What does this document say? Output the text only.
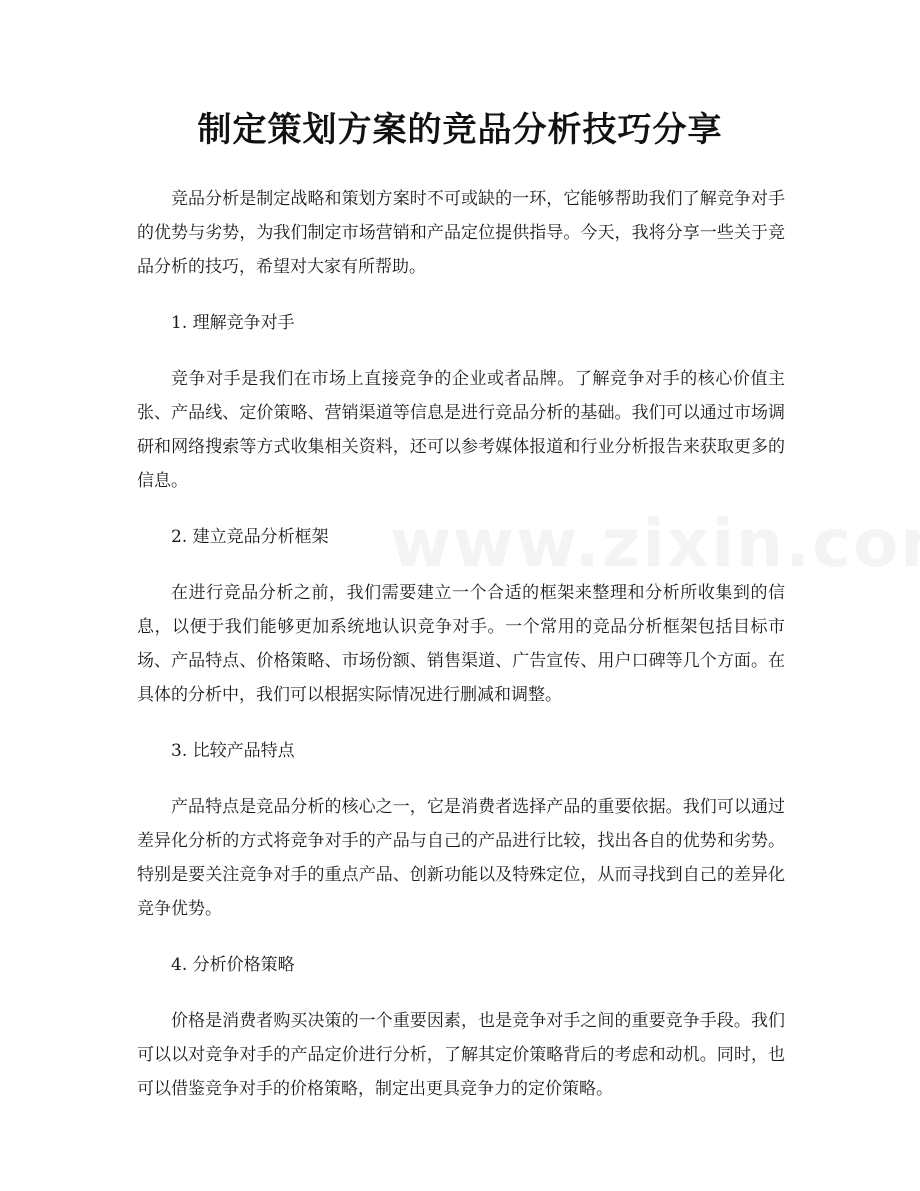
制定策划方案的竞品分析技巧分享

竞品分析是制定战略和策划方案时不可或缺的一环，它能够帮助我们了解竞争对手的优势与劣势，为我们制定市场营销和产品定位提供指导。今天，我将分享一些关于竞品分析的技巧，希望对大家有所帮助。

1. 理解竞争对手

竞争对手是我们在市场上直接竞争的企业或者品牌。了解竞争对手的核心价值主张、产品线、定价策略、营销渠道等信息是进行竞品分析的基础。我们可以通过市场调研和网络搜索等方式收集相关资料，还可以参考媒体报道和行业分析报告来获取更多的信息。

2. 建立竞品分析框架

在进行竞品分析之前，我们需要建立一个合适的框架来整理和分析所收集到的信息，以便于我们能够更加系统地认识竞争对手。一个常用的竞品分析框架包括目标市场、产品特点、价格策略、市场份额、销售渠道、广告宣传、用户口碑等几个方面。在具体的分析中，我们可以根据实际情况进行删减和调整。

3. 比较产品特点

产品特点是竞品分析的核心之一，它是消费者选择产品的重要依据。我们可以通过差异化分析的方式将竞争对手的产品与自己的产品进行比较，找出各自的优势和劣势。特别是要关注竞争对手的重点产品、创新功能以及特殊定位，从而寻找到自己的差异化竞争优势。

4. 分析价格策略

价格是消费者购买决策的一个重要因素，也是竞争对手之间的重要竞争手段。我们可以以对竞争对手的产品定价进行分析，了解其定价策略背后的考虑和动机。同时，也可以借鉴竞争对手的价格策略，制定出更具竞争力的定价策略。
